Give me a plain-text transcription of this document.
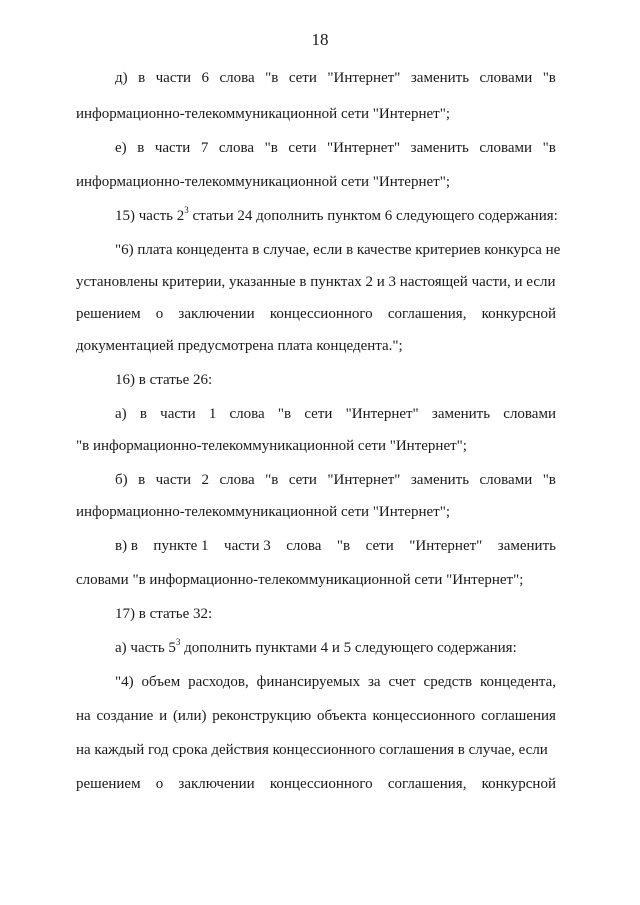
18
д) в части 6 слова "в сети "Интернет" заменить словами "в
информационно-телекоммуникационной сети "Интернет";
е) в части 7 слова "в сети "Интернет" заменить словами "в
информационно-телекоммуникационной сети "Интернет";
15) часть $2^3$ статьи 24 дополнить пунктом 6 следующего содержания:
"6) плата концедента в случае, если в качестве критериев конкурса не
установлены критерии, указанные в пунктах 2 и 3 настоящей части, и если
решением о заключении концессионного соглашения, конкурсной
документацией предусмотрена плата концедента.";
16) в статье 26:
а) в части 1 слова "в сети "Интернет" заменить словами
"в информационно-телекоммуникационной сети "Интернет";
б) в части 2 слова "в сети "Интернет" заменить словами "в
информационно-телекоммуникационной сети "Интернет";
в) в пункте 1 части 3 слова "в сети "Интернет" заменить
словами "в информационно-телекоммуникационной сети "Интернет";
17) в статье 32:
а) часть $5^3$ дополнить пунктами 4 и 5 следующего содержания:
"4) объем расходов, финансируемых за счет средств концедента,
на создание и (или) реконструкцию объекта концессионного соглашения
на каждый год срока действия концессионного соглашения в случае, если
решением о заключении концессионного соглашения, конкурсной
